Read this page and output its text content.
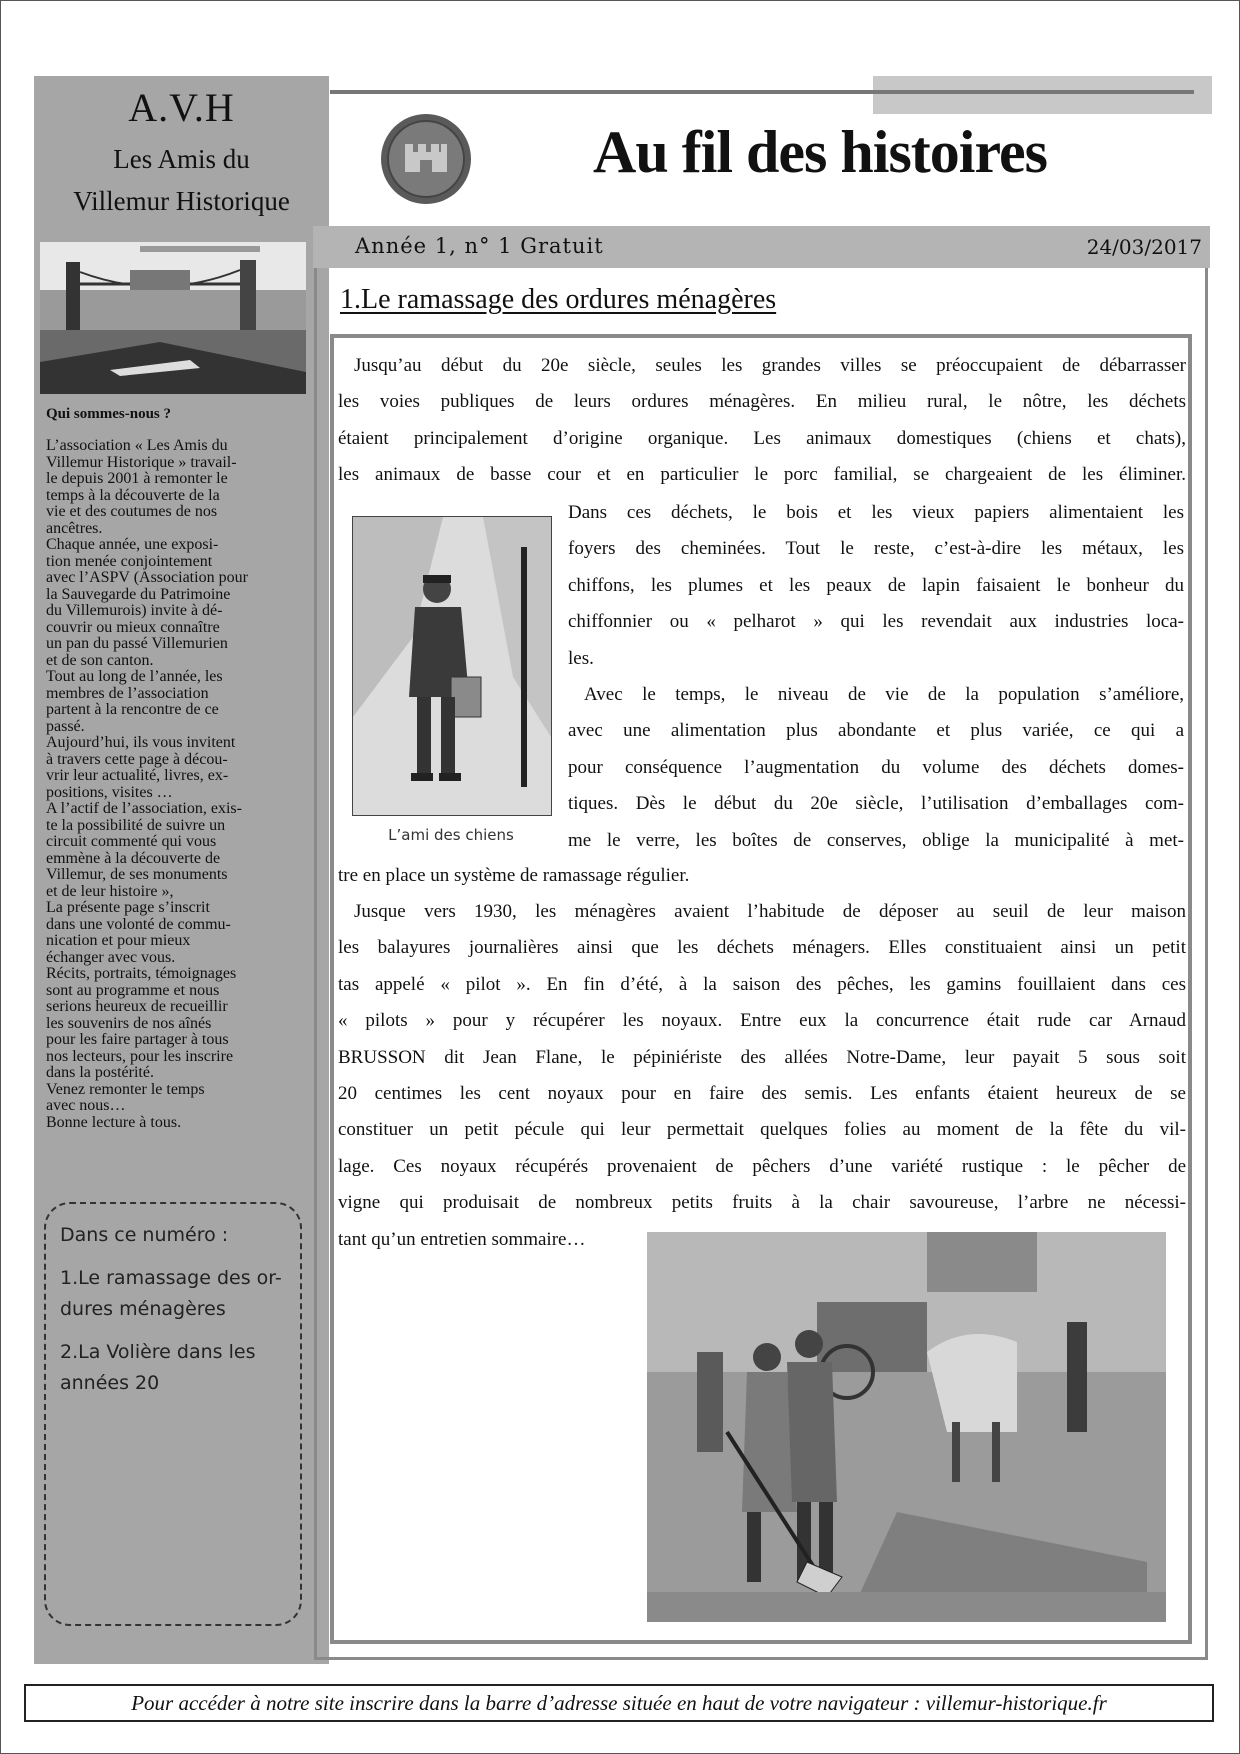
A.V.H
Les Amis du
Villemur Historique
Qui sommes-nous ?

L’association « Les Amis du

Villemur Historique » travail-

le depuis 2001 à remonter le

temps à la découverte de la

vie et des coutumes de nos

ancêtres.

Chaque année, une exposi-

tion menée conjointement

avec l’ASPV (Association pour

la Sauvegarde du Patrimoine

du Villemurois) invite à dé-

couvrir ou mieux connaître

un pan du passé Villemurien

et de son canton.

Tout au long de l’année, les

membres de l’association

partent à la rencontre de ce

passé.

Aujourd’hui, ils vous invitent

à travers cette page à décou-

vrir leur actualité, livres, ex-

positions, visites …

A l’actif de l’association, exis-

te la possibilité de suivre un

circuit commenté qui vous

emmène à la découverte de

Villemur, de ses monuments

et de leur histoire »,

La présente page s’inscrit

dans une volonté de commu-

nication et pour mieux

échanger avec vous.

Récits, portraits, témoignages

sont au programme et nous

serions heureux de recueillir

les souvenirs de nos aînés

pour les faire partager à tous

nos lecteurs, pour les inscrire

dans la postérité.

Venez remonter le temps

avec nous…

Bonne lecture à tous.

Dans ce numéro :

1.Le ramassage des or-dures ménagères

2.La Volière dans les années 20

Au fil des histoires
Année 1, n° 1 Gratuit	24/03/2017
1.Le ramassage des ordures ménagères

Jusqu’au début du 20e siècle, seules les grandes villes se préoccupaient de débarrasser

les voies publiques de leurs ordures ménagères. En milieu rural, le nôtre, les déchets

étaient principalement d’origine organique. Les animaux domestiques (chiens et chats),

les animaux de basse cour et en particulier le porc familial, se chargeaient de les éliminer.

Dans ces déchets, le bois et les vieux papiers alimentaient les

foyers des cheminées. Tout le reste, c’est-à-dire les métaux, les

chiffons, les plumes et les peaux de lapin faisaient le bonheur du

chiffonnier ou « pelharot » qui les revendait aux industries loca-

les.

Avec le temps, le niveau de vie de la population s’améliore,

avec une alimentation plus abondante et plus variée, ce qui a

pour conséquence l’augmentation du volume des déchets domes-

tiques. Dès le début du 20e siècle, l’utilisation d’emballages com-

me le verre, les boîtes de conserves, oblige la municipalité à met-

tre en place un système de ramassage régulier.

Jusque vers 1930, les ménagères avaient l’habitude de déposer au seuil de leur maison

les balayures journalières ainsi que les déchets ménagers. Elles constituaient ainsi un petit

tas appelé « pilot ». En fin d’été, à la saison des pêches, les gamins fouillaient dans ces

« pilots » pour y récupérer les noyaux. Entre eux la concurrence était rude car Arnaud

BRUSSON dit Jean Flane, le pépiniériste des allées Notre-Dame, leur payait 5 sous soit

20 centimes les cent noyaux pour en faire des semis. Les enfants étaient heureux de se

constituer un petit pécule qui leur permettait quelques folies au moment de la fête du vil-

lage. Ces noyaux récupérés provenaient de pêchers d’une variété rustique : le pêcher de

vigne qui produisait de nombreux petits fruits à la chair savoureuse, l’arbre ne nécessi-

tant qu’un entretien sommaire…

L’ami des chiens
Pour accéder à notre site inscrire dans la barre d’adresse située en haut de votre navigateur : villemur-historique.fr
